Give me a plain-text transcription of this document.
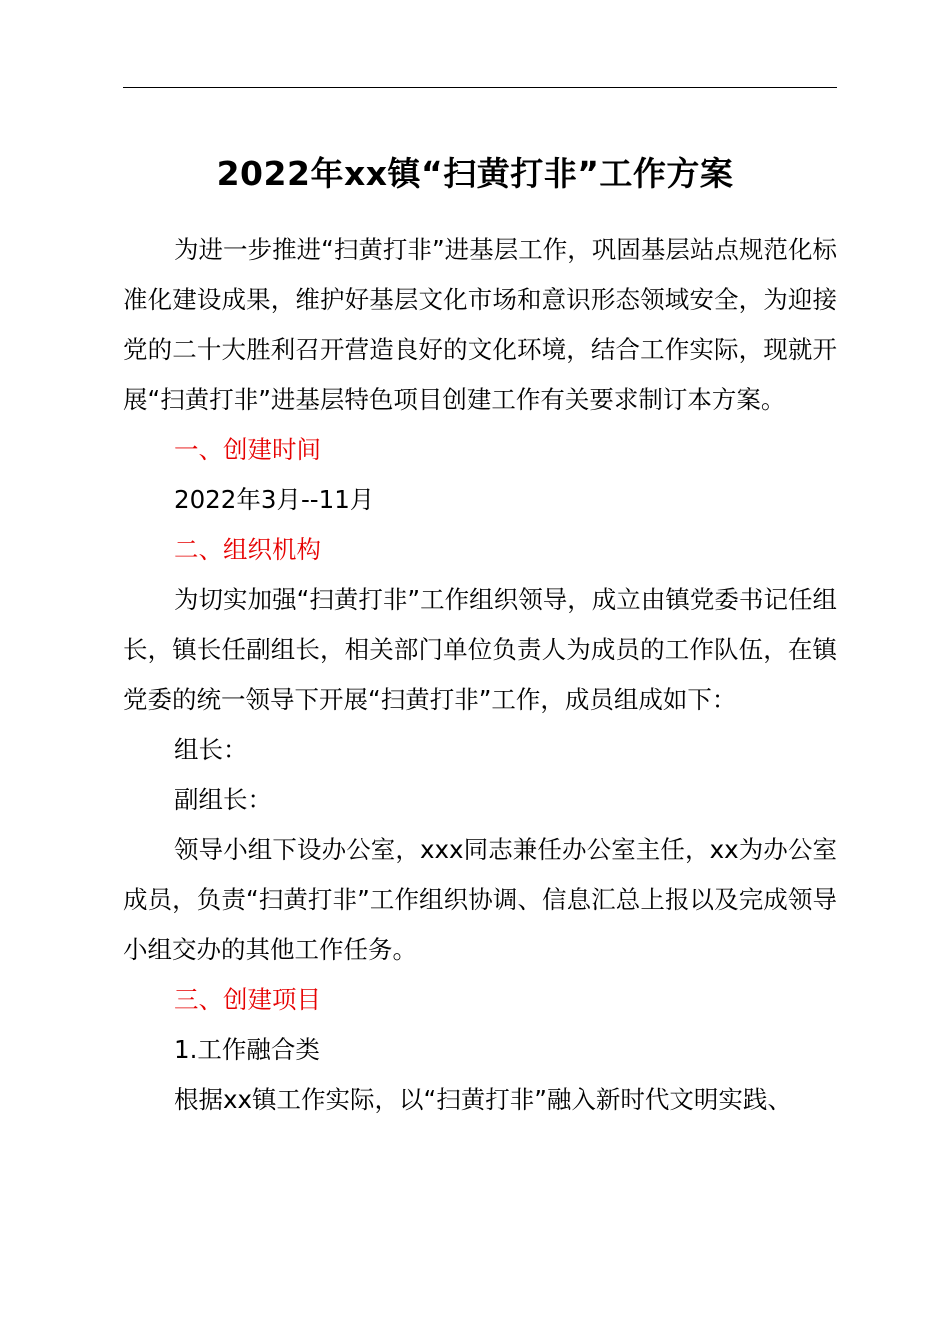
2022年xx镇“扫黄打非”工作方案

为进一步推进“扫黄打非”进基层工作，巩固基层站点规范化标准化建设成果，维护好基层文化市场和意识形态领域安全，为迎接党的二十大胜利召开营造良好的文化环境，结合工作实际，现就开展“扫黄打非”进基层特色项目创建工作有关要求制订本方案。

一、创建时间

2022年3月--11月

二、组织机构

为切实加强“扫黄打非”工作组织领导，成立由镇党委书记任组长，镇长任副组长，相关部门单位负责人为成员的工作队伍，在镇党委的统一领导下开展“扫黄打非”工作，成员组成如下：

组长：

副组长：

领导小组下设办公室，xxx同志兼任办公室主任，xx为办公室成员，负责“扫黄打非”工作组织协调、信息汇总上报以及完成领导小组交办的其他工作任务。

三、创建项目

1.工作融合类

根据xx镇工作实际，以“扫黄打非”融入新时代文明实践、
